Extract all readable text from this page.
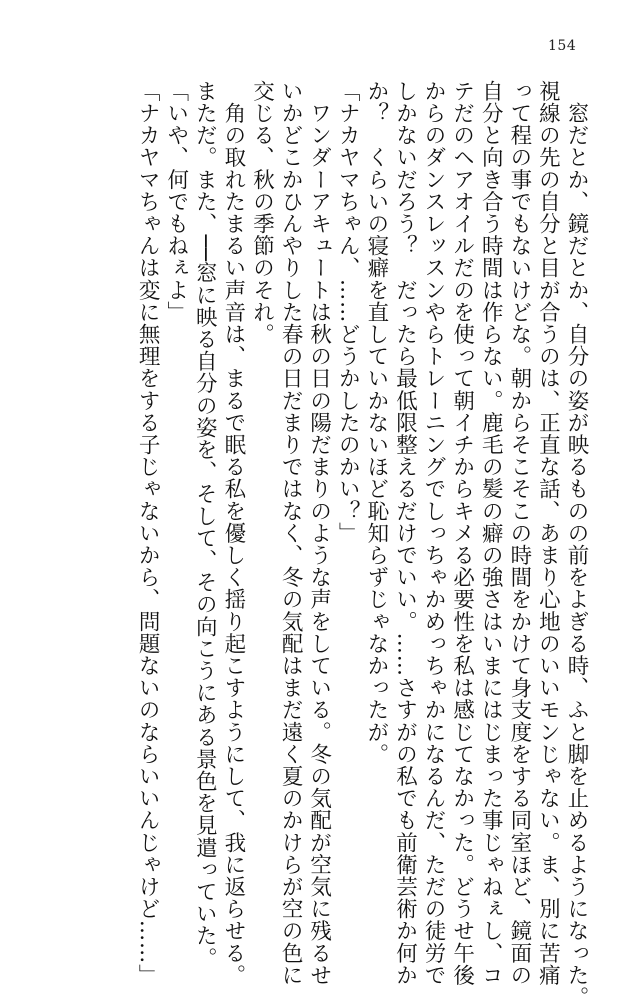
154
　窓だとか、鏡だとか、自分の姿が映るものの前をよぎる時、ふと脚を止めるようになった。
視線の先の自分と目が合うのは、正直な話、あまり心地のいいモンじゃない。ま、別に苦痛
って程の事でもないけどな。朝からそこそこの時間をかけて身支度をする同室ほど、鏡面の
自分と向き合う時間は作らない。鹿毛の髪の癖の強さはいまにはじまった事じゃねぇし、コ
テだのヘアオイルだのを使って朝イチからキメる必要性を私は感じてなかった。どうせ午後
からのダンスレッスンやらトレーニングでしっちゃかめっちゃかになるんだ、ただの徒労で
しかないだろう？　だったら最低限整えるだけでいい。……さすがの私でも前衛芸術か何か
か？　くらいの寝癖を直していかないほど恥知らずじゃなかったが。
「ナカヤマちゃん、……どうかしたのかい？」
　ワンダーアキュートは秋の日の陽だまりのような声をしている。冬の気配が空気に残るせ
いかどこかひんやりした春の日だまりではなく、冬の気配はまだ遠く夏のかけらが空の色に
交じる、秋の季節のそれ。
　角の取れたまるい声音は、まるで眠る私を優しく揺り起こすようにして、我に返らせる。
まただ。また、──窓に映る自分の姿を、そして、その向こうにある景色を見遣っていた。
「いや、何でもねぇよ」
「ナカヤマちゃんは変に無理をする子じゃないから、問題ないのならいいんじゃけど……」
